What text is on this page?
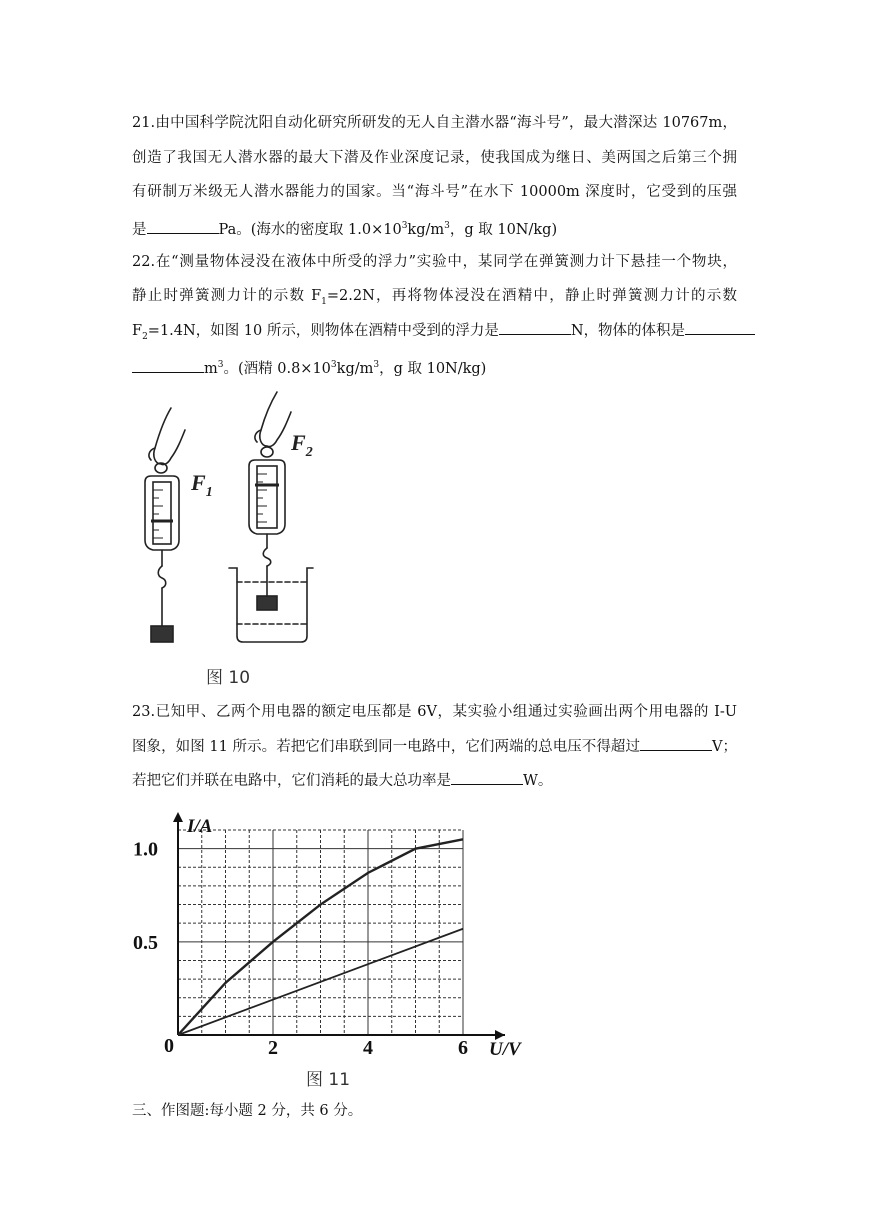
21.由中国科学院沈阳自动化研究所研发的无人自主潜水器“海斗号”，最大潜深达 10767m，
创造了我国无人潜水器的最大下潜及作业深度记录，使我国成为继日、美两国之后第三个拥
有研制万米级无人潜水器能力的国家。当“海斗号”在水下 10000m 深度时，它受到的压强
是	Pa。(海水的密度取 $1.0\times 10^3kg/m^3$，g 取 10N/kg)
22.在“测量物体浸没在液体中所受的浮力”实验中，某同学在弹簧测力计下悬挂一个物块，
静止时弹簧测力计的示数 $F_1=2.2N$，再将物体浸没在酒精中，静止时弹簧测力计的示数
$F_2=1.4N$，如图 10 所示，则物体在酒精中受到的浮力是	N，物体的体积是
$m^3$。(酒精 $0.8\times 10^3kg/m^3$，g 取 10N/kg)
$F_1$
$F_2$
图 10
23.已知甲、乙两个用电器的额定电压都是 6V，某实验小组通过实验画出两个用电器的 I-U
图象，如图 11 所示。若把它们串联到同一电路中，它们两端的总电压不得超过	V；
若把它们并联在电路中，它们消耗的最大总功率是	W。
0	2	4	6
0.5
1.0
U/V
I/A
图 11
三、作图题:每小题 2 分，共 6 分。
